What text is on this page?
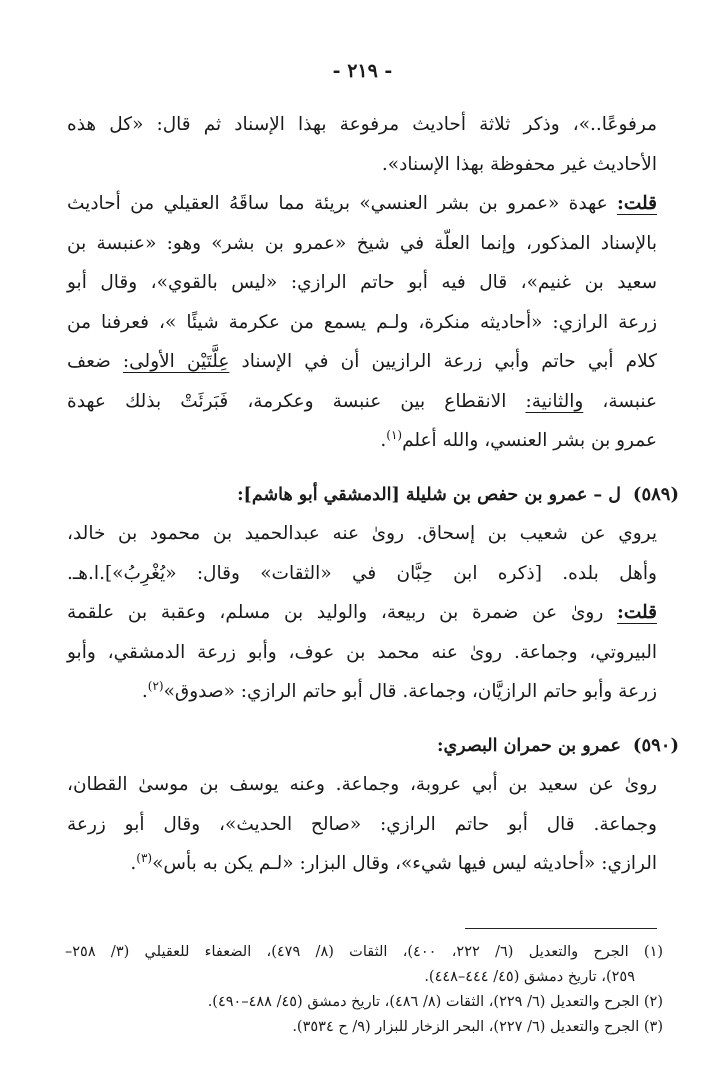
- ٢١٩ -
مرفوعًا..»، وذكر ثلاثة أحاديث مرفوعة بهذا الإسناد ثم قال: «كل هذه
الأحاديث غير محفوظة بهذا الإسناد».
قلت: عهدة «عمرو بن بشر العنسي» بريئة مما ساقَهُ العقيلي من أحاديث
بالإسناد المذكور، وإنما العلّة في شيخ «عمرو بن بشر» وهو: «عنبسة بن
سعيد بن غنيم»، قال فيه أبو حاتم الرازي: «ليس بالقوي»، وقال أبو
زرعة الرازي: «أحاديثه منكرة، ولـم يسمع من عكرمة شيئًا »، فعرفنا من
كلام أبي حاتم وأبي زرعة الرازيين أن في الإسناد عِلَّتَيْن الأولى: ضعف
عنبسة، والثانية: الانقطاع بين عنبسة وعكرمة، فَبَرئَتْ بذلك عهدة
عمرو بن بشر العنسي، والله أعلم$^{(١)}$.
(٥٨٩)ل – عمرو بن حفص بن شليلة [الدمشقي أبو هاشم]:
يروي عن شعيب بن إسحاق. روىٰ عنه عبدالحميد بن محمود بن خالد،
وأهل بلده. [ذكره ابن حِبَّان في «الثقات» وقال: «يُغْرِبُ»].ا.هـ.
قلت: روىٰ عن ضمرة بن ربيعة، والوليد بن مسلم، وعقبة بن علقمة
البيروتي، وجماعة. روىٰ عنه محمد بن عوف، وأبو زرعة الدمشقي، وأبو
زرعة وأبو حاتم الرازيَّان، وجماعة. قال أبو حاتم الرازي: «صدوق»$^{(٢)}$.
(٥٩٠)عمرو بن حمران البصري:
روىٰ عن سعيد بن أبي عروبة، وجماعة. وعنه يوسف بن موسىٰ القطان،
وجماعة. قال أبو حاتم الرازي: «صالح الحديث»، وقال أبو زرعة
الرازي: «أحاديثه ليس فيها شيء»، وقال البزار: «لـم يكن به بأس»$^{(٣)}$.
(١) الجرح والتعديل (٦/ ٢٢٢، ٤٠٠)، الثقات (٨/ ٤٧٩)، الضعفاء للعقيلي (٣/ ٢٥٨–
٢٥٩)، تاريخ دمشق (٤٥/ ٤٤٤–٤٤٨).
(٢) الجرح والتعديل (٦/ ٢٢٩)، الثقات (٨/ ٤٨٦)، تاريخ دمشق (٤٥/ ٤٨٨–٤٩٠).
(٣) الجرح والتعديل (٦/ ٢٢٧)، البحر الزخار للبزار (٩/ ح ٣٥٣٤).
